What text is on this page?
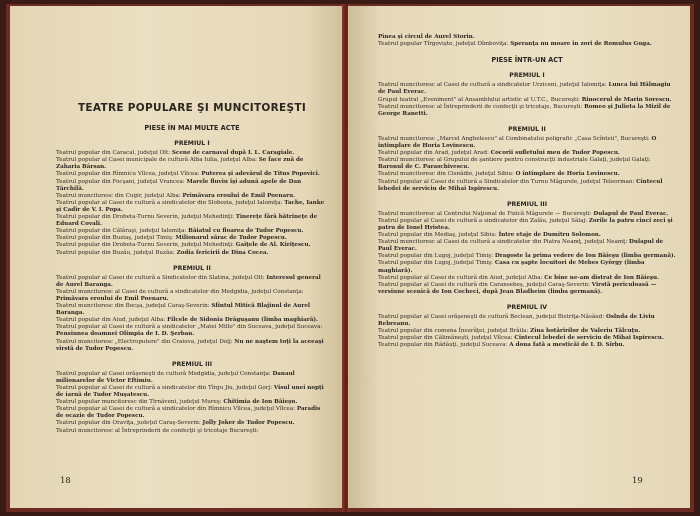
TEATRE POPULARE ŞI MUNCITOREŞTI
PIESE ÎN MAI MULTE ACTE
PREMIUL I

Teatrul popular din Caracal, judeţul Olt: Scene de carnaval dupã I. L. Caragiale.

Teatrul popular al Casei municipale de culturã Alba Iulia, judeţul Alba: Se face zuã de Zaharia Bârsan.

Teatrul popular din Rîmnicu Vîlcea, judeţul Vîlcea: Puterea şi adevãrul de Titus Popovici.

Teatrul popular din Focşani, judeţul Vrancea: Marele fluviu îşi adunã apele de Dan Tãrchilã.

Teatrul muncitoresc din Cugir, judeţul Alba: Primãvara eroului de Emil Poenaru.

Teatrul popular al Casei de culturã a sindicatelor din Slobozia, judeţul Ialomiţa: Tache, Ianke şi Cadîr de V. I. Popa.

Teatrul popular din Drobeta-Turnu Severin, judeţul Mehedinţi: Tinereţe fãrã bãtrîneţe de Eduard Covali.

Teatrul popular din Cãlãraşi, judeţul Ialomiţa: Bãiatul cu floarea de Tudor Popescu.

Teatrul popular din Buziaş, judeţul Timiş: Milionarul sãrac de Tudor Popescu.

Teatrul popular din Drobeta-Turnu Severin, judeţul Mehedinţi: Gaiţele de Al. Kiriţescu.

Teatrul popular din Buzãu, judeţul Buzãu: Zodia fericirii de Dina Cocea.

PREMIUL II

Teatrul popular al Casei de culturã a Sindicatelor din Slatina, judeţul Olt: Interesul general de Aurel Baranga.

Teatrul muncitoresc al Casei de culturã a sindicatelor din Medgidia, judeţul Constanţa: Primãvara eroului de Emil Poenaru.

Teatrul muncitoresc din Bocşa, judeţul Caraş-Severin: Sfîntul Miticã Blajinul de Aurel Baranga.

Teatrul popular din Aiud, judeţul Alba: Filcele de Sidonia Drãguşanu (limba maghiarã).

Teatrul popular al Casei de culturã a sindicatelor „Matei Millo" din Suceava, judeţul Suceava: Pensiunea doamnei Olimpia de I. D. Şerban.

Teatrul muncitoresc „Electroputere" din Craiova, judeţul Dolj: Nu ne naştem toţi la aceeaşi vîrstã de Tudor Popescu.

PREMIUL III

Teatrul popular al Casei orăşeneşti de culturã Medgidia, judeţul Constanţa: Danaul milionarelor de Victor Eftimiu.

Teatrul popular al Casei de culturã a sindicatelor din Tîrgu Jiu, judeţul Gorj: Visul unei nopţi de iarnã de Tudor Muşatescu.

Teatrul popular muncitoresc din Tîrnãveni, judeţul Mureş: Chitimia de Ion Bãieşu.

Teatrul popular al Casei de culturã a sindicatelor din Rîmnicu Vîlcea, judeţul Vîlcea: Paradis de ocazie de Tudor Popescu.

Teatrul popular din Oraviţa, judeţul Caraş-Severin: Jolly Joker de Tudor Popescu.

Teatrul muncitoresc al Întreprinderii de confecţii şi tricotaje Bucureşti:

18

Pînea şi circul de Aurel Storin.

Teatrul popular Tîrgovişte, judeţul Dîmboviţa: Speranţa nu moare în zori de Romulus Guga.

PIESE ÎNTR-UN ACT
PREMIUL I

Teatrul muncitoresc al Casei de culturã a sindicatelor Urziceni, judeţul Ialomiţa: Lunca lui Hãlmagiu de Paul Everac.

Grupul teatral „Eveniment" al Ansamblului artistic al U.T.C., Bucureşti: Rinocerul de Marin Sorescu.

Teatrul muncitoresc al Întreprinderii de confecţii şi tricotaje, Bucureşti: Romeo şi Julieta la Mizil de George Ranetti.

PREMIUL II

Teatrul muncitoresc „Marcel Anghelescu" al Combinatului poligrafic „Casa Scînteii", Bucureşti: O întîmplare de Horia Lovinescu.

Teatrul popular din Arad, judeţul Arad: Cocorii sufletului meu de Tudor Popescu.

Teatrul muncitoresc al Grupului de şantiere pentru construcţii industriale Galaţi, judeţul Galaţi: Baronul de C. Paraschivescu.

Teatrul muncitoresc din Cisnãdie, judeţul Sibiu: O întîmplare de Horia Lovinescu.

Teatrul popular al Casei de culturã a Sindicatelor din Turnu Mãgurele, judeţul Teleorman: Cîntecul lebedei de serviciu de Mihai Ispirescu.

PREMIUL III

Teatrul muncitoresc al Centrului Naţional de Fizicã Mãgurele — Bucureşti: Dulapul de Paul Everac.

Teatrul popular al Casei de culturã a sindicatelor din Zalãu, judeţul Sãlaj: Zorile la patru cinci zeci şi patru de Ionel Hristea.

Teatrul popular din Mediaş, judeţul Sibiu: Între etaje de Dumitru Solomon.

Teatrul muncitoresc al Casei de culturã a sindicatelor din Piatra Neamţ, judeţul Neamţ: Dulapul de Paul Everac.

Teatrul popular din Lugoj, judeţul Timiş: Dragoste la prima vedere de Ion Bãieşu (limba germanã).

Teatrul popular din Lugoj, judeţul Timiş: Casa cu şapte locuitori de Mebes György (limba maghiarã).

Teatrul popular al Casei de culturã din Aiud, judeţul Alba: Ce bine ne-am distrat de Ion Bãieşu.

Teatrul popular al Casei de culturã din Caransebeş, judeţul Caraş-Severin: Vîrstã periculoasã — versiune scenicã de Ion Cocheci, dupã Jean Bladheim (limba germanã).

PREMIUL IV

Teatrul popular al Casei orăşeneşti de culturã Beclean, judeţul Bistriţa-Nãsãud: Oslnda de Liviu Rebreanu.

Teatrul popular din comuna Însurãţei, judeţul Brãila: Ziua hotãrîrilor de Valeriu Tãlcuţu.

Teatrul popular din Cãlimãneşti, judeţul Vîlcea: Cîntecul lebedei de serviciu de Mihai Ispirescu.

Teatrul popular din Rãdãuţi, judeţul Suceava: A doua fatã a mesticãi de I. D. Sîrbu.

19
